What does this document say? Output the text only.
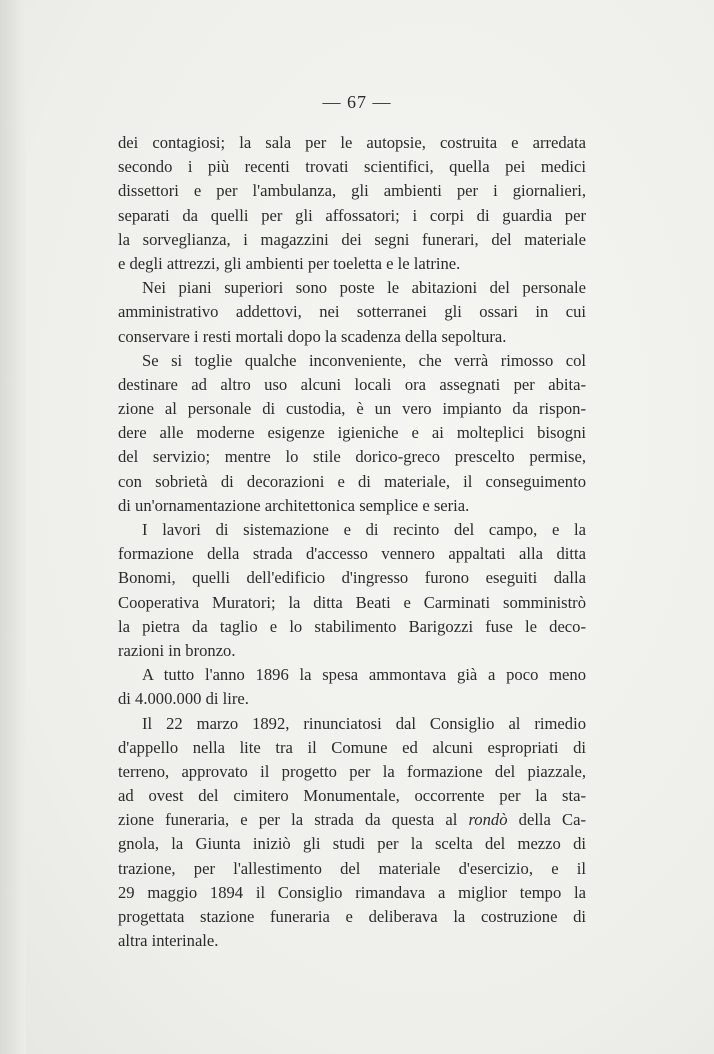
— 67 —
dei contagiosi; la sala per le autopsie, costruita e arredata
secondo i più recenti trovati scientifici, quella pei medici
dissettori e per l'ambulanza, gli ambienti per i giornalieri,
separati da quelli per gli affossatori; i corpi di guardia per
la sorveglianza, i magazzini dei segni funerari, del materiale
e degli attrezzi, gli ambienti per toeletta e le latrine.
Nei piani superiori sono poste le abitazioni del personale
amministrativo addettovi, nei sotterranei gli ossari in cui
conservare i resti mortali dopo la scadenza della sepoltura.
Se si toglie qualche inconveniente, che verrà rimosso col
destinare ad altro uso alcuni locali ora assegnati per abita-
zione al personale di custodia, è un vero impianto da rispon-
dere alle moderne esigenze igieniche e ai molteplici bisogni
del servizio; mentre lo stile dorico-greco prescelto permise,
con sobrietà di decorazioni e di materiale, il conseguimento
di un'ornamentazione architettonica semplice e seria.
I lavori di sistemazione e di recinto del campo, e la
formazione della strada d'accesso vennero appaltati alla ditta
Bonomi, quelli dell'edificio d'ingresso furono eseguiti dalla
Cooperativa Muratori; la ditta Beati e Carminati somministrò
la pietra da taglio e lo stabilimento Barigozzi fuse le deco-
razioni in bronzo.
A tutto l'anno 1896 la spesa ammontava già a poco meno
di 4.000.000 di lire.
Il 22 marzo 1892, rinunciatosi dal Consiglio al rimedio
d'appello nella lite tra il Comune ed alcuni espropriati di
terreno, approvato il progetto per la formazione del piazzale,
ad ovest del cimitero Monumentale, occorrente per la sta-
zione funeraria, e per la strada da questa al rondò della Ca-
gnola, la Giunta iniziò gli studi per la scelta del mezzo di
trazione, per l'allestimento del materiale d'esercizio, e il
29 maggio 1894 il Consiglio rimandava a miglior tempo la
progettata stazione funeraria e deliberava la costruzione di
altra interinale.
